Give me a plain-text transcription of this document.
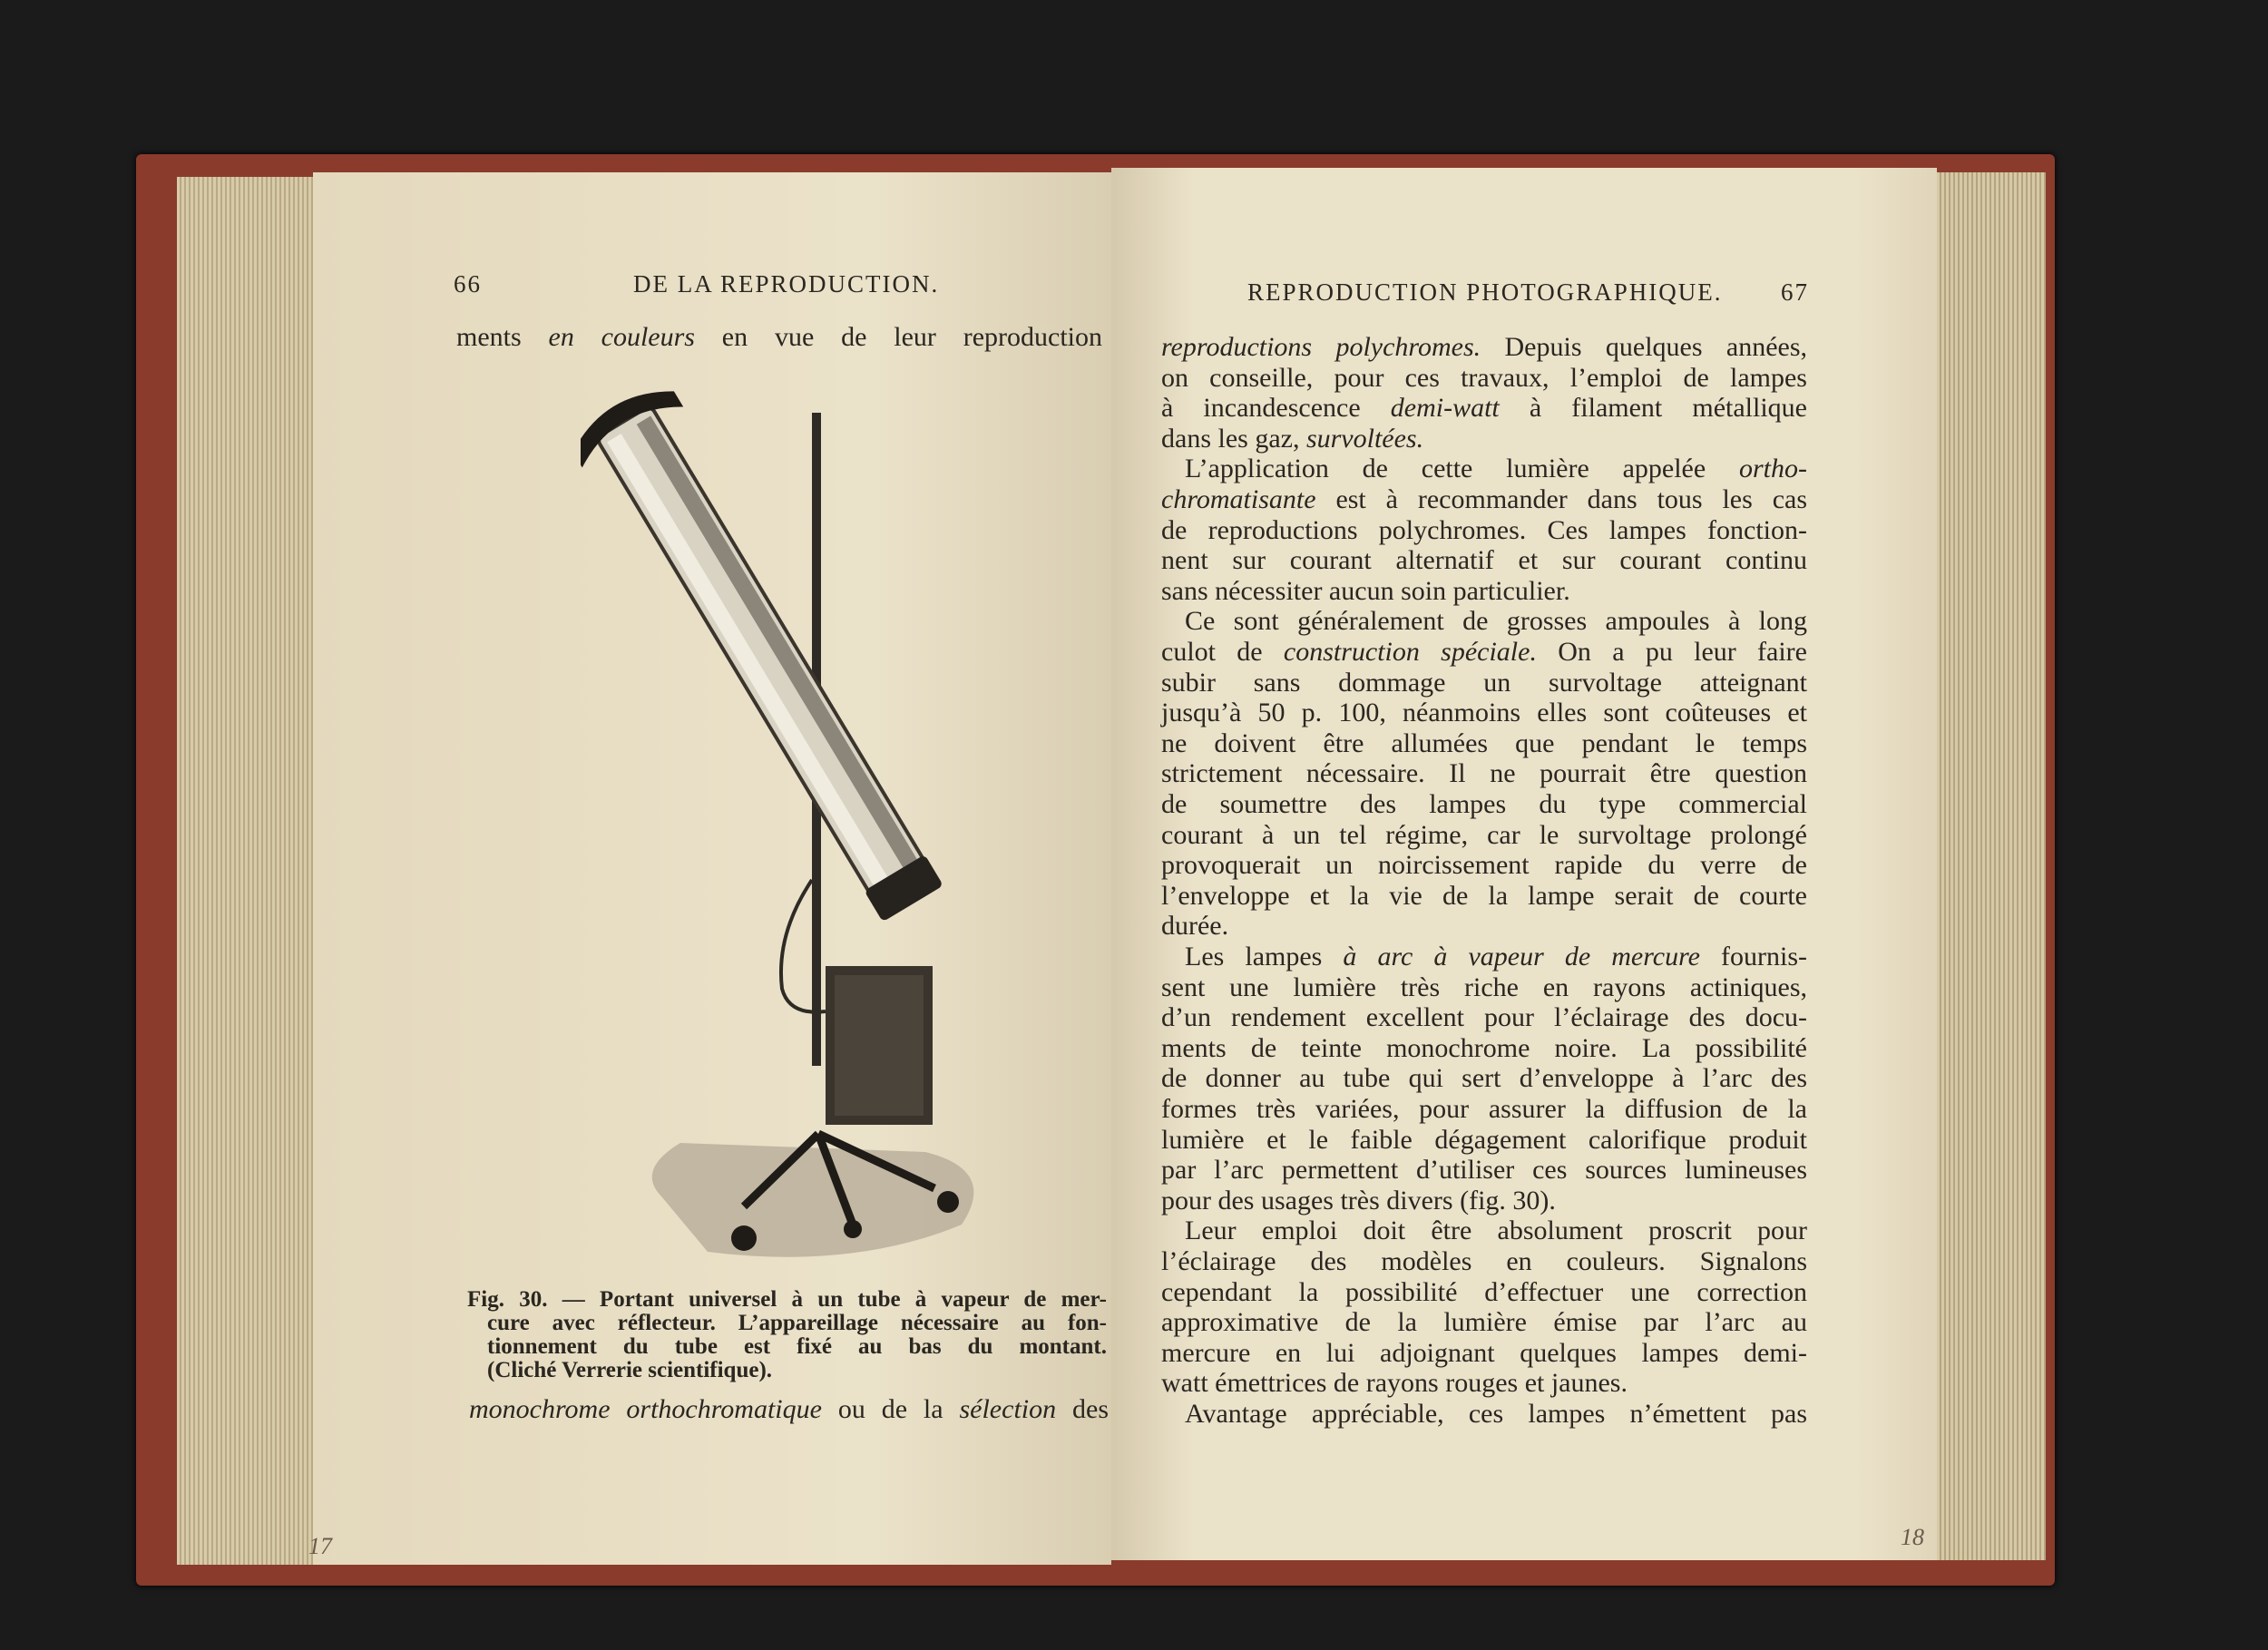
66	DE LA REPRODUCTION.
ments en couleurs en vue de leur reproduction
Fig. 30. — Portant universel à un tube à vapeur de mer-
cure avec réflecteur. L’appareillage nécessaire au fon-
tionnement du tube est fixé au bas du montant.
(Cliché Verrerie scientifique).
monochrome orthochromatique ou de la sélection des
17
REPRODUCTION PHOTOGRAPHIQUE. 67
reproductions polychromes. Depuis quelques années,
on conseille, pour ces travaux, l’emploi de lampes
à incandescence demi-watt à filament métallique
dans les gaz, survoltées.
L’application de cette lumière appelée ortho-
chromatisante est à recommander dans tous les cas
de reproductions polychromes. Ces lampes fonction-
nent sur courant alternatif et sur courant continu
sans nécessiter aucun soin particulier.
Ce sont généralement de grosses ampoules à long
culot de construction spéciale. On a pu leur faire
subir sans dommage un survoltage atteignant
jusqu’à 50 p. 100, néanmoins elles sont coûteuses et
ne doivent être allumées que pendant le temps
strictement nécessaire. Il ne pourrait être question
de soumettre des lampes du type commercial
courant à un tel régime, car le survoltage prolongé
provoquerait un noircissement rapide du verre de
l’enveloppe et la vie de la lampe serait de courte
durée.
Les lampes à arc à vapeur de mercure fournis-
sent une lumière très riche en rayons actiniques,
d’un rendement excellent pour l’éclairage des docu-
ments de teinte monochrome noire. La possibilité
de donner au tube qui sert d’enveloppe à l’arc des
formes très variées, pour assurer la diffusion de la
lumière et le faible dégagement calorifique produit
par l’arc permettent d’utiliser ces sources lumineuses
pour des usages très divers (fig. 30).
Leur emploi doit être absolument proscrit pour
l’éclairage des modèles en couleurs. Signalons
cependant la possibilité d’effectuer une correction
approximative de la lumière émise par l’arc au
mercure en lui adjoignant quelques lampes demi-
watt émettrices de rayons rouges et jaunes.
Avantage appréciable, ces lampes n’émettent pas
18
